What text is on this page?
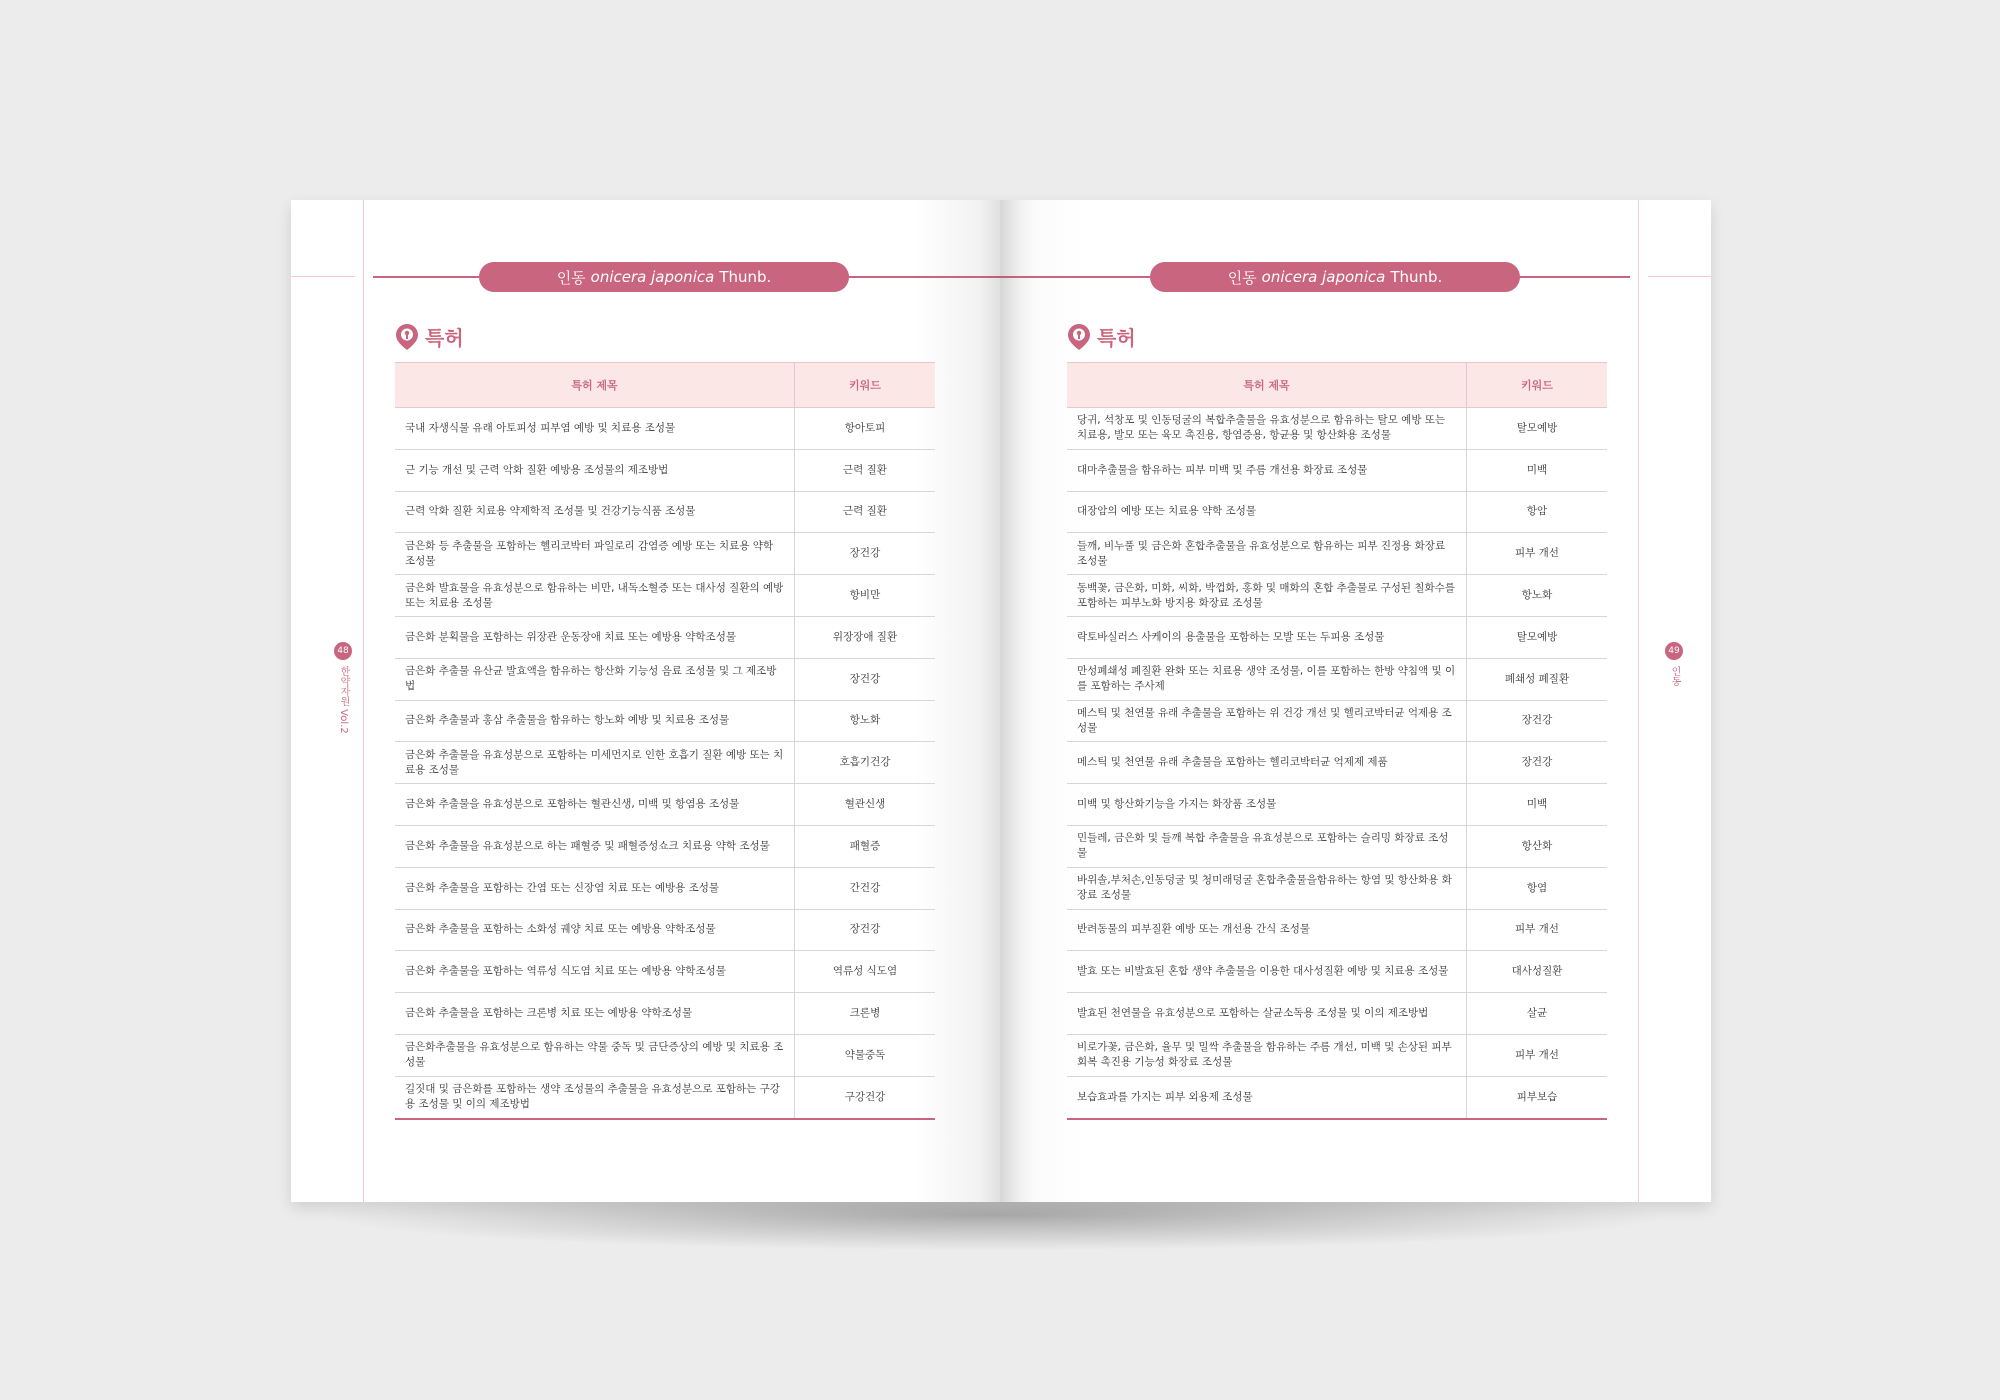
인동 onicera japonica Thunb.
특허
특허 제목	키워드
국내 자생식물 유래 아토피성 피부염 예방 및 치료용 조성물	항아토피
근 기능 개선 및 근력 악화 질환 예방용 조성물의 제조방법	근력 질환
근력 악화 질환 치료용 약제학적 조성물 및 건강기능식품 조성물	근력 질환
금은화 등 추출물을 포함하는 헬리코박터 파일로리 감염증 예방 또는 치료용 약학 조성물	장건강
금은화 발효물을 유효성분으로 함유하는 비만, 내독소혈증 또는 대사성 질환의 예방 또는 치료용 조성물	항비만
금은화 분획물을 포함하는 위장관 운동장애 치료 또는 예방용 약학조성물	위장장애 질환
금은화 추출물 유산균 발효액을 함유하는 항산화 기능성 음료 조성물 및 그 제조방법	장건강
금은화 추출물과 홍삼 추출물을 함유하는 항노화 예방 및 치료용 조성물	항노화
금은화 추출물을 유효성분으로 포함하는 미세먼지로 인한 호흡기 질환 예방 또는 치료용 조성물	호흡기건강
금은화 추출물을 유효성분으로 포함하는 혈관신생, 미백 및 항염용 조성물	혈관신생
금은화 추출물을 유효성분으로 하는 패혈증 및 패혈증성쇼크 치료용 약학 조성물	패혈증
금은화 추출물을 포함하는 간염 또는 신장염 치료 또는 예방용 조성물	간건강
금은화 추출물을 포함하는 소화성 궤양 치료 또는 예방용 약학조성물	장건강
금은화 추출물을 포함하는 역류성 식도염 치료 또는 예방용 약학조성물	역류성 식도염
금은화 추출물을 포함하는 크론병 치료 또는 예방용 약학조성물	크론병
금은화추출물을 유효성분으로 함유하는 약물 중독 및 금단증상의 예방 및 치료용 조성물	약물중독
길짓대 및 금은화를 포함하는 생약 조성물의 추출물을 유효성분으로 포함하는 구강용 조성물 및 이의 제조방법	구강건강
48
한약자원 Vol.2
인동 onicera japonica Thunb.
특허
특허 제목	키워드
당귀, 석창포 및 인동덩굴의 복합추출물을 유효성분으로 함유하는 탈모 예방 또는 치료용, 발모 또는 육모 촉진용, 항염증용, 항균용 및 항산화용 조성물	탈모예방
대마추출물을 함유하는 피부 미백 및 주름 개선용 화장료 조성물	미백
대장암의 예방 또는 치료용 약학 조성물	항암
들깨, 비누풀 및 금은화 혼합추출물을 유효성분으로 함유하는 피부 진정용 화장료 조성물	피부 개선
동백꽃, 금은화, 미화, 씨화, 박껍화, 홍화 및 매화의 혼합 추출물로 구성된 칠화수를 포함하는 피부노화 방지용 화장료 조성물	항노화
락토바실러스 사케이의 용출물을 포함하는 모발 또는 두피용 조성물	탈모예방
만성폐쇄성 폐질환 완화 또는 치료용 생약 조성물, 이를 포함하는 한방 약침액 및 이를 포함하는 주사제	폐쇄성 폐질환
메스틱 및 천연물 유래 추출물을 포함하는 위 건강 개선 및 헬리코박터균 억제용 조성물	장건강
메스틱 및 천연물 유래 추출물을 포함하는 헬리코박터균 억제제 제품	장건강
미백 및 항산화기능을 가지는 화장품 조성물	미백
민들레, 금은화 및 들깨 복합 추출물을 유효성분으로 포함하는 슬리밍 화장료 조성물	항산화
바위솔,부처손,인동덩굴 및 청미래덩굴 혼합추출물을함유하는 항염 및 항산화용 화장료 조성물	항염
반려동물의 피부질환 예방 또는 개선용 간식 조성물	피부 개선
발효 또는 비발효된 혼합 생약 추출물을 이용한 대사성질환 예방 및 치료용 조성물	대사성질환
발효된 천연물을 유효성분으로 포함하는 살균소독용 조성물 및 이의 제조방법	살균
비로가꽃, 금은화, 율무 및 밀싹 추출물을 함유하는 주름 개선, 미백 및 손상된 피부 회복 촉진용 기능성 화장료 조성물	피부 개선
보습효과를 가지는 피부 외용제 조성물	피부보습
49
인동
